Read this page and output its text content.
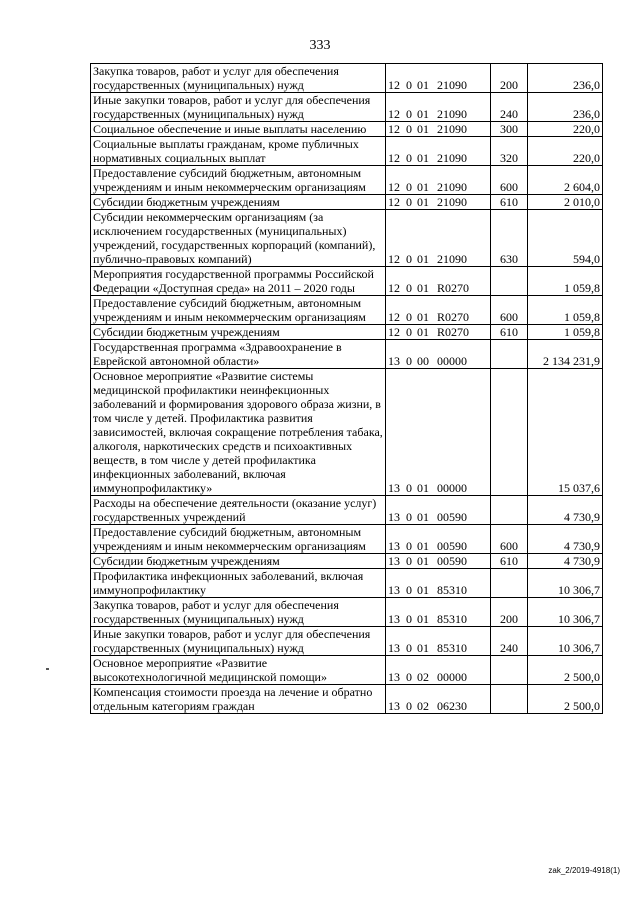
333
Закупка товаров, работ и услуг для обеспечения государственных (муниципальных) нужд	12 0 01 21090	200	236,0
Иные закупки товаров, работ и услуг для обеспечения государственных (муниципальных) нужд	12 0 01 21090	240	236,0
Социальное обеспечение и иные выплаты населению	12 0 01 21090	300	220,0
Социальные выплаты гражданам, кроме публичных нормативных социальных выплат	12 0 01 21090	320	220,0
Предоставление субсидий бюджетным, автономным учреждениям и иным некоммерческим организациям	12 0 01 21090	600	2 604,0
Субсидии бюджетным учреждениям	12 0 01 21090	610	2 010,0
Субсидии некоммерческим организациям (за исключением государственных (муниципальных) учреждений, государственных корпораций (компаний), публично-правовых компаний)	12 0 01 21090	630	594,0
Мероприятия государственной программы Российской Федерации «Доступная среда» на 2011 – 2020 годы	12 0 01 R0270		1 059,8
Предоставление субсидий бюджетным, автономным учреждениям и иным некоммерческим организациям	12 0 01 R0270	600	1 059,8
Субсидии бюджетным учреждениям	12 0 01 R0270	610	1 059,8
Государственная программа «Здравоохранение в Еврейской автономной области»	13 0 00 00000		2 134 231,9
Основное мероприятие «Развитие системы медицинской профилактики неинфекционных заболеваний и формирования здорового образа жизни, в том числе у детей. Профилактика развития зависимостей, включая сокращение потребления табака, алкоголя, наркотических средств и психоактивных веществ, в том числе у детей профилактика инфекционных заболеваний, включая иммунопрофилактику»	13 0 01 00000		15 037,6
Расходы на обеспечение деятельности (оказание услуг) государственных учреждений	13 0 01 00590		4 730,9
Предоставление субсидий бюджетным, автономным учреждениям и иным некоммерческим организациям	13 0 01 00590	600	4 730,9
Субсидии бюджетным учреждениям	13 0 01 00590	610	4 730,9
Профилактика инфекционных заболеваний, включая иммунопрофилактику	13 0 01 85310		10 306,7
Закупка товаров, работ и услуг для обеспечения государственных (муниципальных) нужд	13 0 01 85310	200	10 306,7
Иные закупки товаров, работ и услуг для обеспечения государственных (муниципальных) нужд	13 0 01 85310	240	10 306,7
Основное мероприятие «Развитие высокотехнологичной медицинской помощи»	13 0 02 00000		2 500,0
Компенсация стоимости проезда на лечение и обратно отдельным категориям граждан	13 0 02 06230		2 500,0
zak_2/2019-4918(1)
